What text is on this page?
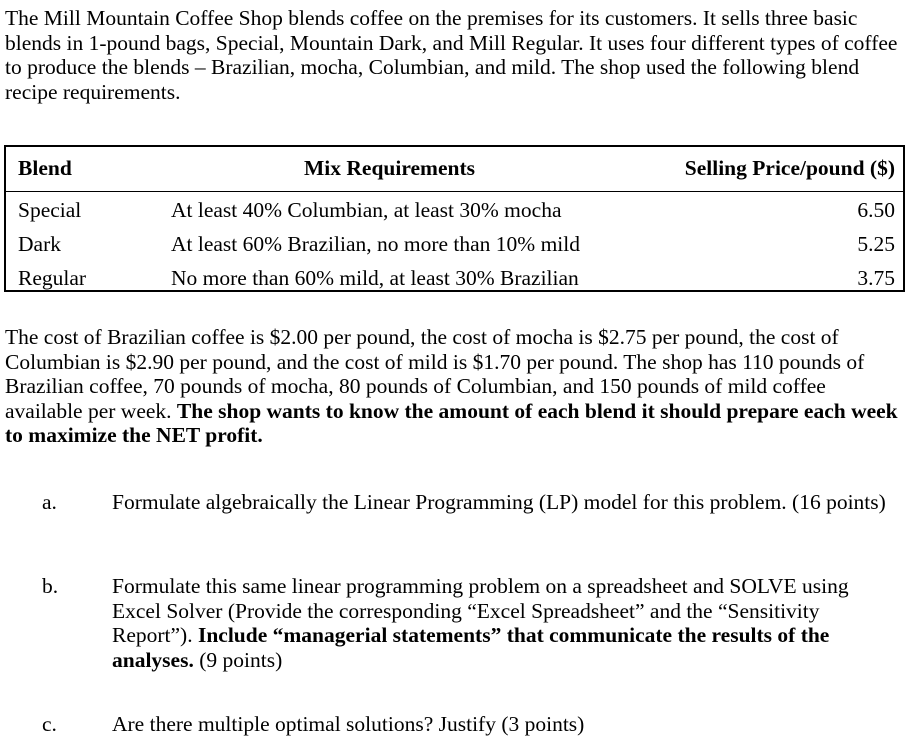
The Mill Mountain Coffee Shop blends coffee on the premises for its customers. It sells three basic blends in 1-pound bags, Special, Mountain Dark, and Mill Regular. It uses four different types of coffee to produce the blends – Brazilian, mocha, Columbian, and mild. The shop used the following blend recipe requirements.

Blend	Mix Requirements	Selling Price/pound ($)
Special	At least 40% Columbian, at least 30% mocha	6.50
Dark	At least 60% Brazilian, no more than 10% mild	5.25
Regular	No more than 60% mild, at least 30% Brazilian	3.75

The cost of Brazilian coffee is $2.00 per pound, the cost of mocha is $2.75 per pound, the cost of Columbian is $2.90 per pound, and the cost of mild is $1.70 per pound. The shop has 110 pounds of Brazilian coffee, 70 pounds of mocha, 80 pounds of Columbian, and 150 pounds of mild coffee available per week. The shop wants to know the amount of each blend it should prepare each week to maximize the NET profit.

a.	Formulate algebraically the Linear Programming (LP) model for this problem. (16 points)

b.	Formulate this same linear programming problem on a spreadsheet and SOLVE using Excel Solver (Provide the corresponding “Excel Spreadsheet” and the “Sensitivity Report”). Include “managerial statements” that communicate the results of the analyses. (9 points)

c.	Are there multiple optimal solutions? Justify (3 points)
